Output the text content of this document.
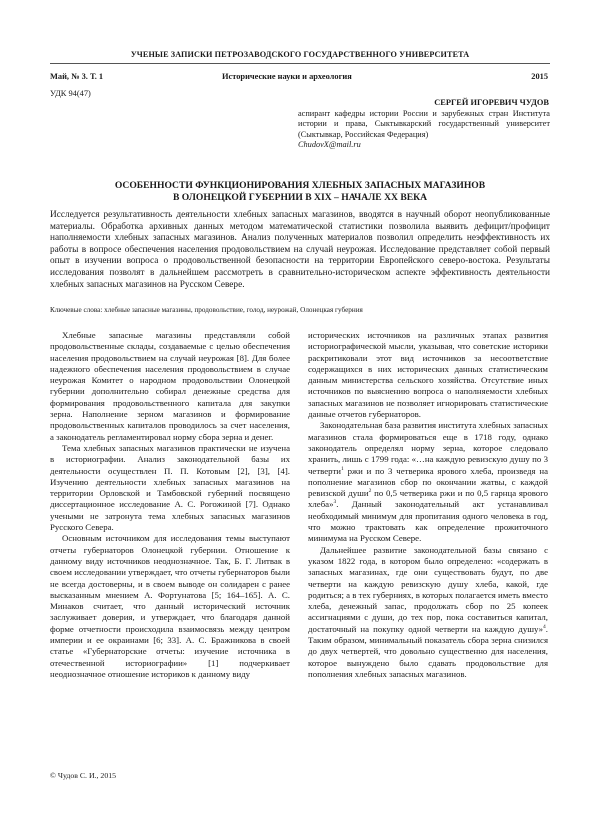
УЧЕНЫЕ ЗАПИСКИ ПЕТРОЗАВОДСКОГО ГОСУДАРСТВЕННОГО УНИВЕРСИТЕТА
Май, № 3. Т. 1	Исторические науки и археология	2015
УДК 94(47)
СЕРГЕЙ ИГОРЕВИЧ ЧУДОВ
аспирант кафедры истории России и зарубежных стран Института истории и права, Сыктывкарский государственный университет (Сыктывкар, Российская Федерация)
ChudovX@mail.ru
ОСОБЕННОСТИ ФУНКЦИОНИРОВАНИЯ ХЛЕБНЫХ ЗАПАСНЫХ МАГАЗИНОВ
В ОЛОНЕЦКОЙ ГУБЕРНИИ В XIX – НАЧАЛЕ XX ВЕКА
Исследуется результативность деятельности хлебных запасных магазинов, вводятся в научный оборот неопубликованные материалы. Обработка архивных данных методом математической статистики позволила выявить дефицит/профицит наполняемости хлебных запасных магазинов. Анализ полученных материалов позволил определить неэффективность их работы в вопросе обеспечения населения продовольствием на случай неурожая. Исследование представляет собой первый опыт в изучении вопроса о продовольственной безопасности на территории Европейского северо-востока. Результаты исследования позволят в дальнейшем рассмотреть в сравнительно-историческом аспекте эффективность деятельности хлебных запасных магазинов на Русском Севере.
Ключевые слова: хлебные запасные магазины, продовольствие, голод, неурожай, Олонецкая губерния

Хлебные запасные магазины представляли собой продовольственные склады, создаваемые с целью обеспечения населения продовольствием на случай неурожая [8]. Для более надежного обеспечения населения продовольствием в случае неурожая Комитет о народном продовольствии Олонецкой губернии дополнительно собирал денежные средства для формирования продовольственного капитала для закупки зерна. Наполнение зерном магазинов и формирование продовольственных капиталов проводилось за счет населения, а законодатель регламентировал норму сбора зерна и денег.

Тема хлебных запасных магазинов практически не изучена в историографии. Анализ законодательной базы их деятельности осуществлен П. П. Котовым [2], [3], [4]. Изучению деятельности хлебных запасных магазинов на территории Орловской и Тамбовской губерний посвящено диссертационное исследование А. С. Рогожиной [7]. Однако учеными не затронута тема хлебных запасных магазинов Русского Севера.

Основным источником для исследования темы выступают отчеты губернаторов Олонецкой губернии. Отношение к данному виду источников неоднозначное. Так, Б. Г. Литвак в своем исследовании утверждает, что отчеты губернаторов были не всегда достоверны, и в своем выводе он солидарен с ранее высказанным мнением А. Фортунатова [5; 164–165]. А. С. Минаков считает, что данный исторический источник заслуживает доверия, и утверждает, что благодаря данной форме отчетности происходила взаимосвязь между центром империи и ее окраинами [6; 33]. А. С. Бражникова в своей статье «Губернаторские отчеты: изучение источника в отечественной историографии» [1] подчеркивает неоднозначное отношение историков к данному виду

исторических источников на различных этапах развития историографической мысли, указывая, что советские историки раскритиковали этот вид источников за несоответствие содержащихся в них исторических данных статистическим данным министерства сельского хозяйства. Отсутствие иных источников по выяснению вопроса о наполняемости хлебных запасных магазинов не позволяет игнорировать статистические данные отчетов губернаторов.

Законодательная база развития института хлебных запасных магазинов стала формироваться еще в 1718 году, однако законодатель определял норму зерна, которое следовало хранить, лишь с 1799 года: «…на каждую ревизскую душу по 3 четверти$^1$ ржи и по 3 четверика ярового хлеба, произведя на пополнение магазинов сбор по окончании жатвы, с каждой ревизской души$^2$ по 0,5 четверика ржи и по 0,5 гарнца ярового хлеба»$^3$. Данный законодательный акт устанавливал необходимый минимум для пропитания одного человека в год, что можно трактовать как определение прожиточного минимума на Русском Севере.

Дальнейшее развитие законодательной базы связано с указом 1822 года, в котором было определено: «содержать в запасных магазинах, где они существовать будут, по две четверти на каждую ревизскую душу хлеба, какой, где родиться; а в тех губерниях, в которых полагается иметь вместо хлеба, денежный запас, продолжать сбор по 25 копеек ассигнациями с души, до тех пор, пока составиться капитал, достаточный на покупку одной четверти на каждую душу»$^4$. Таким образом, минимальный показатель сбора зерна снизился до двух четвертей, что довольно существенно для населения, которое вынуждено было сдавать продовольствие для пополнения хлебных запасных магазинов.

© Чудов С. И., 2015
